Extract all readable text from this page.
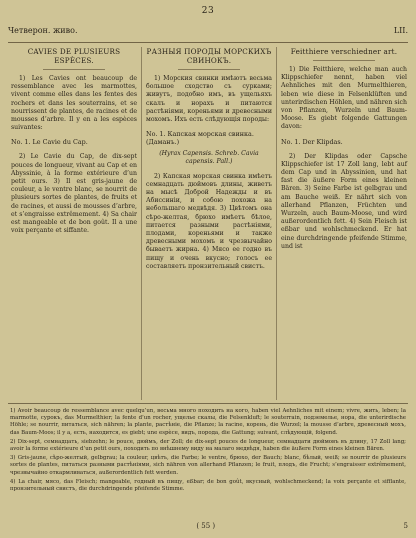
23
Четверон. живо.	LII.
CAVIES DE PLUSIEURS ESPÈCES.

1) Les Cavies ont beaucoup de ressemblance avec les marmottes, vivent comme elles dans les fentes des rochers et dans les souterrains, et se nourrissent de plantes, de racines et de mousses d’arbre. Il y en a les espèces suivantes:

No. 1. Le Cavie du Cap.

2) Le Cavie du Cap, de dix-sept pouces de longueur, vivant au Cap et en Abyssinie, à la forme extérieure d’un petit ours. 3) Il est gris-jaune de couleur, a le ventre blanc, se nourrit de plusieurs sortes de plantes, de fruits et de racines, et aussi de mousses d’arbre, et s’engraisse extrêmement. 4) Sa chair est mangeable et de bon goût. Il a une voix perçante et siffante.

РАЗНЫЯ ПОРОДЫ МОРСКИХЪ СВИНОКЪ.

1) Морския свинки имѣютъ весьма большое сходство съ сурками; живутъ, подобно имъ, въ ущельяхъ скалъ и норахъ и питаются растѣніями, кореньями и древесными мохомъ. Ихъ есть слѣдующія породы:

No. 1. Капская морская свинка. (Даманъ.)
(Hyrax Capensis. Schreb. Cavia capensis. Pall.)

2) Капская морская свинка имѣетъ семнадцать дюймовъ длины, живетъ на мысѣ Доброй Надежды и въ Абиссиніи, и собою похожа на небольшаго медвѣдя. 3) Цвѣтомъ она сѣро-желтая, брюхо имѣетъ бѣлое, питается разными растѣніями, плодами, кореньями и также древесными мохомъ и чрезвычайно бываетъ жирна. 4) Мясо ее годно въ пищу и очень вкусно; голосъ ее составляетъ пронзительный свистъ.

Feitthiere verschiedner art.

1) Die Feitthiere, welche man auch Klippschiefer nennt, haben viel Aehnliches mit den Murmelthieren, leben wie diese in Felsenklüften und unterirdischen Höhlen, und nähren sich von Pflanzen, Wurzeln und Baum-Moose. Es giebt folgende Gattungen davon:

No. 1. Der Klipdas.

2) Der Klipdas oder Capsche Klippschiefer ist 17 Zoll lang, lebt auf dem Cap und in Abyssinien, und hat fast die äußere Form eines kleinen Bären. 3) Seine Farbe ist gelbgrau und am Bauche weiß. Er nährt sich von allerhand Pflanzen, Früchten und Wurzeln, auch Baum-Moose, und wird außerordentlich fett. 4) Sein Fleisch ist eßbar und wohlschmeckend. Er hat eine durchdringende pfeifende Stimme, und ist

1) Avoir beaucoup de ressemblance avec quelqu’un, весьма много походить на кого, haben viel Aehnliches mit einem; vivre, жить, leben; la marmotte, сурокъ, das Murmelthier; la fente d’un rocher, ущелье скалы, die Felsenkluft; le souterrain, подземелье, нора, die unterirdische Höhle; se nourrir, питаться, sich nähren; la plante, растѣніе, die Pflanze; la racine, корень, die Wurzel; la mousse d’arbre, древесный мохъ, das Baum-Moos; il y a, есть, находится, es giebt; une espèce, видъ, порода, die Gattung; suivant, слѣдующій, folgend.
2) Dix-sept, семнадцать, siebzehn; le pouce, дюймъ, der Zoll; de dix-sept pouces de longueur, семнадцати дюймовъ въ длину, 17 Zoll lang; avoir la forme extérieure d’un petit ours, походить по внѣшнему виду на малаго медвѣдя, haben die äußere Form eines kleinen Bären.
3) Gris-jaune, сѣро-желтый, gelbgrau; la couleur, цвѣтъ, die Farbe; le ventre, брюхо, der Bauch; blanc, бѣлый, weiß; se nourrir de plusieurs sortes de plantes, питаться разными растѣніями, sich nähren von allerhand Pflanzen; le fruit, плодъ, die Frucht; s’engraisser extrêmement, чрезвычайно откармливаться, außerordentlich fett werden.
4) La chair, мясо, das Fleisch; mangeable, годный въ пищу, eßbar; de bon goût, вкусный, wohlschmeckend; la voix perçante et sifflante, пронзительный свистъ, die durchdringende pfeifende Stimme.
( 55 )	5
